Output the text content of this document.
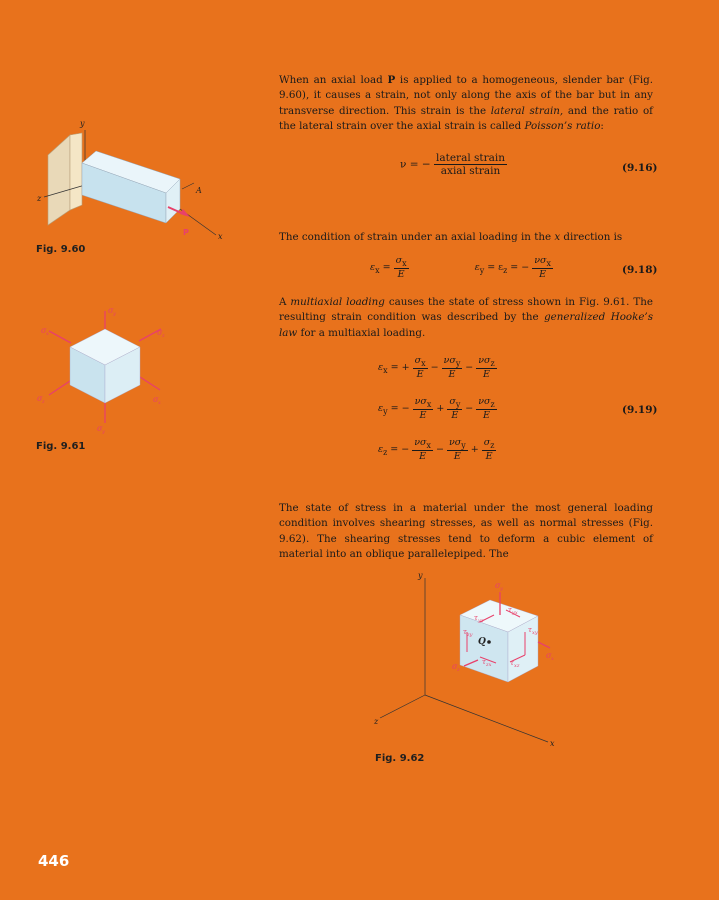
When an axial load P is applied to a homogeneous, slender bar (Fig. 9.60), it causes a strain, not only along the axis of the bar but in any transverse direction. This strain is the lateral strain, and the ratio of the lateral strain over the axial strain is called Poisson’s ratio:
ν = − $\frac{\text{lateral strain}}{\text{axial strain}}$	(9.16)
The condition of strain under an axial loading in the x direction is
$\varepsilon_x = \frac{\sigma_x}{E}$	$\varepsilon_y = \varepsilon_z$ = − $\frac{\nu\sigma_x}{E}$	(9.18)
A multiaxial loading causes the state of stress shown in Fig. 9.61. The resulting strain condition was described by the generalized Hooke’s law for a multiaxial loading.
$\varepsilon_x$ = + $\frac{\sigma_x}{E} - \frac{\nu\sigma_y}{E} - \frac{\nu\sigma_z}{E}$
$\varepsilon_y$ = − $\frac{\nu\sigma_x}{E} + \frac{\sigma_y}{E} - \frac{\nu\sigma_z}{E}$
$\varepsilon_z$ = − $\frac{\nu\sigma_x}{E} - \frac{\nu\sigma_y}{E} + \frac{\sigma_z}{E}$
(9.19)
The state of stress in a material under the most general loading condition involves shearing stresses, as well as normal stresses (Fig. 9.62). The shearing stresses tend to deform a cubic element of material into an oblique parallelepiped. The
y
z
x
A
P
Fig. 9.60
σ y
σ y
σ x
σ x
σ z
σ z
Fig. 9.61
y
z
x
Q
σ y
σ x
σ z
τ yx
τ yz
τ xy
τ zy
τ zx	τ xz
Fig. 9.62
446
